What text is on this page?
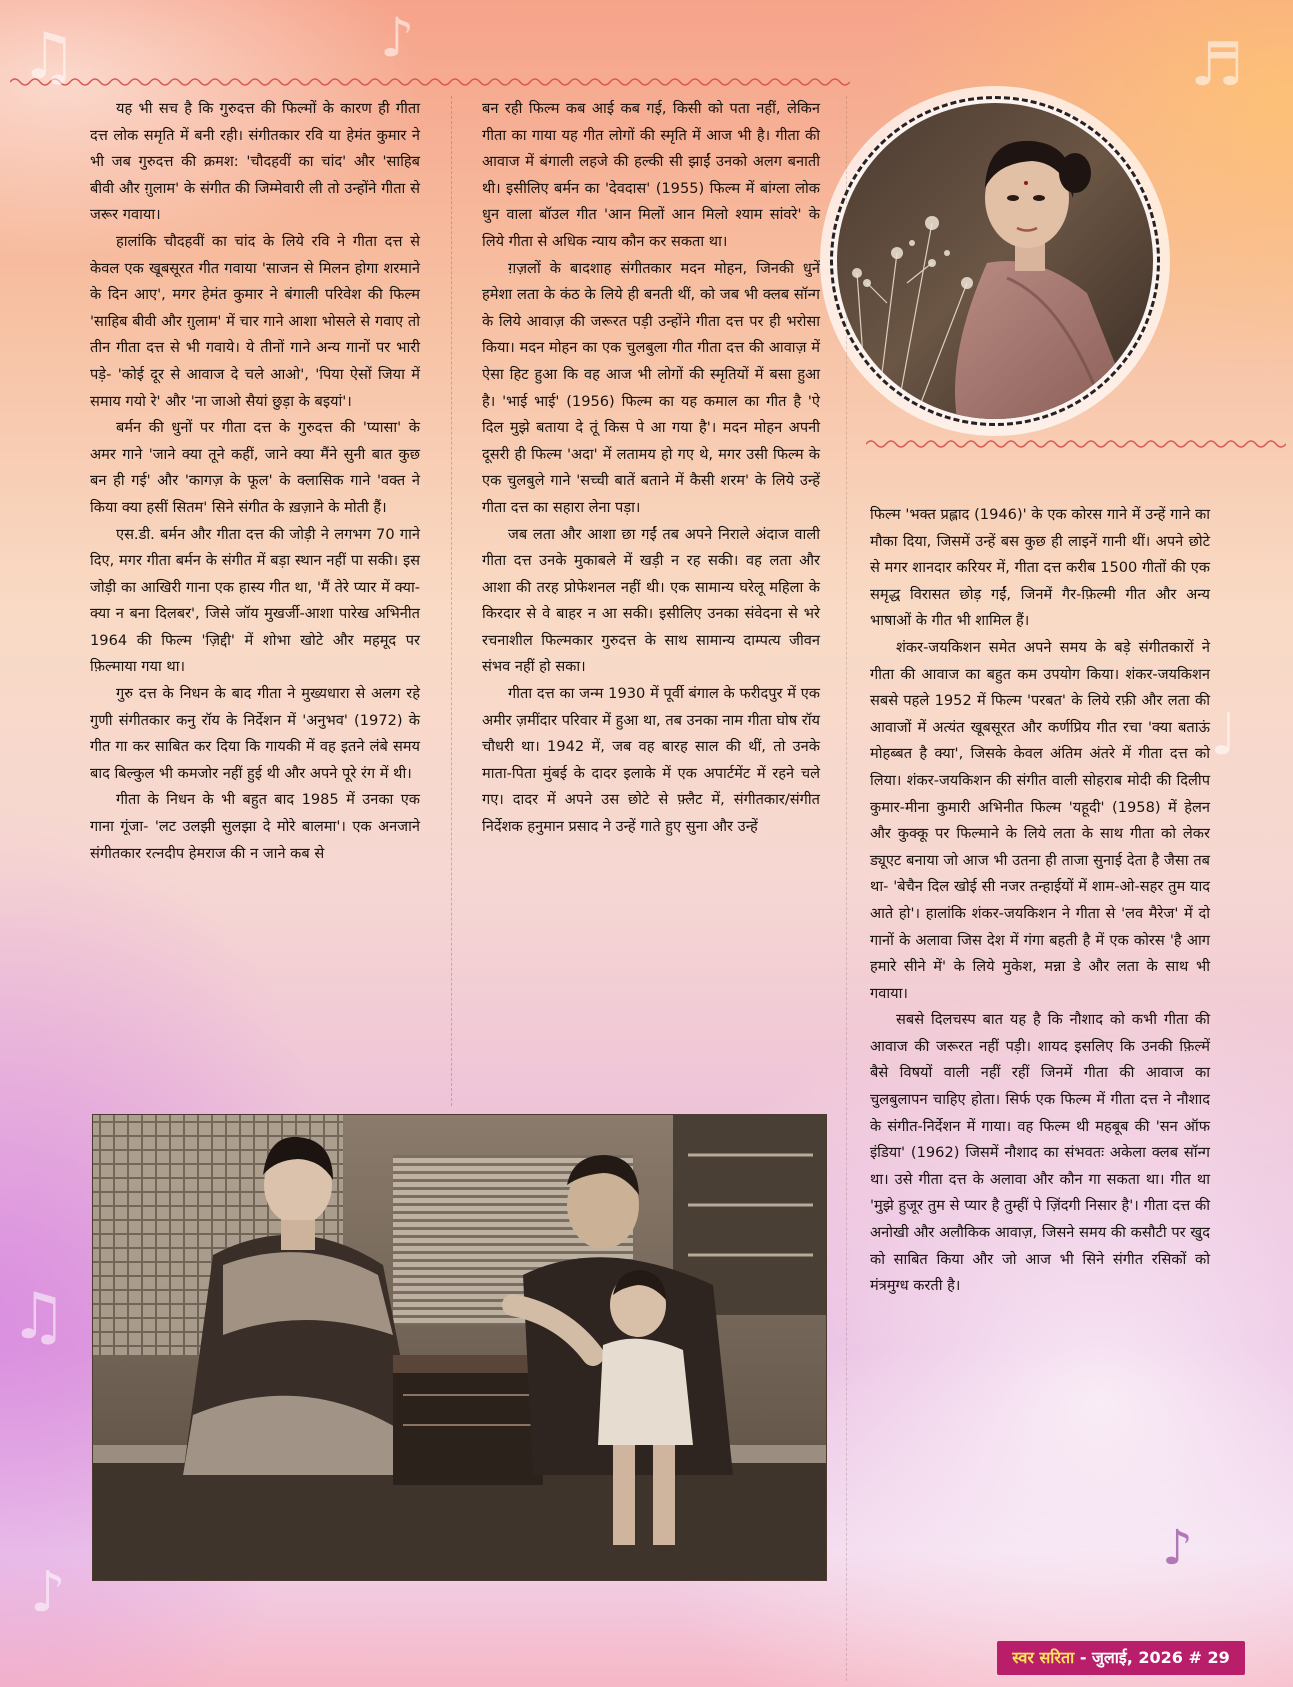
♫	♪	♬
♩
♫
♪
♪

यह भी सच है कि गुरुदत्त की फिल्मों के कारण ही गीता दत्त लोक समृति में बनी रही। संगीतकार रवि या हेमंत कुमार ने भी जब गुरुदत्त की क्रमश: 'चौदहवीं का चांद' और 'साहिब बीवी और ग़ुलाम' के संगीत की जिम्मेवारी ली तो उन्होंने गीता से जरूर गवाया।

हालांकि चौदहवीं का चांद के लिये रवि ने गीता दत्त से केवल एक खूबसूरत गीत गवाया 'साजन से मिलन होगा शरमाने के दिन आए', मगर हेमंत कुमार ने बंगाली परिवेश की फिल्म 'साहिब बीवी और ग़ुलाम' में चार गाने आशा भोसले से गवाए तो तीन गीता दत्त से भी गवाये। ये तीनों गाने अन्य गानों पर भारी पड़े- 'कोई दूर से आवाज दे चले आओ', 'पिया ऐसों जिया में समाय गयो रे' और 'ना जाओ सैयां छुड़ा के बइयां'।

बर्मन की धुनों पर गीता दत्त के गुरुदत्त की 'प्यासा' के अमर गाने 'जाने क्या तूने कहीं, जाने क्या मैंने सुनी बात कुछ बन ही गई' और 'कागज़ के फूल' के क्लासिक गाने 'वक्त ने किया क्या हसीं सितम' सिने संगीत के ख़ज़ाने के मोती हैं।

एस.डी. बर्मन और गीता दत्त की जोड़ी ने लगभग 70 गाने दिए, मगर गीता बर्मन के संगीत में बड़ा स्थान नहीं पा सकी। इस जोड़ी का आखिरी गाना एक हास्य गीत था, 'मैं तेरे प्यार में क्या-क्या न बना दिलबर', जिसे जॉय मुखर्जी-आशा पारेख अभिनीत 1964 की फिल्म 'ज़िद्दी' में शोभा खोटे और महमूद पर फ़िल्माया गया था।

गुरु दत्त के निधन के बाद गीता ने मुख्यधारा से अलग रहे गुणी संगीतकार कनु रॉय के निर्देशन में 'अनुभव' (1972) के गीत गा कर साबित कर दिया कि गायकी में वह इतने लंबे समय बाद बिल्कुल भी कमजोर नहीं हुई थी और अपने पूरे रंग में थी।

गीता के निधन के भी बहुत बाद 1985 में उनका एक गाना गूंजा- 'लट उलझी सुलझा दे मोरे बालमा'। एक अनजाने संगीतकार रत्नदीप हेमराज की न जाने कब से

बन रही फिल्म कब आई कब गई, किसी को पता नहीं, लेकिन गीता का गाया यह गीत लोगों की स्मृति में आज भी है। गीता की आवाज में बंगाली लहजे की हल्की सी झाईं उनको अलग बनाती थी। इसीलिए बर्मन का 'देवदास' (1955) फिल्म में बांग्ला लोक धुन वाला बॉउल गीत 'आन मिलों आन मिलो श्याम सांवरे' के लिये गीता से अधिक न्याय कौन कर सकता था।

ग़ज़लों के बादशाह संगीतकार मदन मोहन, जिनकी धुनें हमेशा लता के कंठ के लिये ही बनती थीं, को जब भी क्लब सॉन्ग के लिये आवाज़ की जरूरत पड़ी उन्होंने गीता दत्त पर ही भरोसा किया। मदन मोहन का एक चुलबुला गीत गीता दत्त की आवाज़ में ऐसा हिट हुआ कि वह आज भी लोगों की स्मृतियों में बसा हुआ है। 'भाई भाई' (1956) फिल्म का यह कमाल का गीत है 'ऐ दिल मुझे बताया दे तूं किस पे आ गया है'। मदन मोहन अपनी दूसरी ही फिल्म 'अदा' में लतामय हो गए थे, मगर उसी फिल्म के एक चुलबुले गाने 'सच्ची बातें बताने में कैसी शरम' के लिये उन्हें गीता दत्त का सहारा लेना पड़ा।

जब लता और आशा छा गईं तब अपने निराले अंदाज वाली गीता दत्त उनके मुकाबले में खड़ी न रह सकी। वह लता और आशा की तरह प्रोफेशनल नहीं थी। एक सामान्य घरेलू महिला के किरदार से वे बाहर न आ सकी। इसीलिए उनका संवेदना से भरे रचनाशील फिल्मकार गुरुदत्त के साथ सामान्य दाम्पत्य जीवन संभव नहीं हो सका।

गीता दत्त का जन्म 1930 में पूर्वी बंगाल के फरीदपुर में एक अमीर ज़मींदार परिवार में हुआ था, तब उनका नाम गीता घोष रॉय चौधरी था। 1942 में, जब वह बारह साल की थीं, तो उनके माता-पिता मुंबई के दादर इलाके में एक अपार्टमेंट में रहने चले गए। दादर में अपने उस छोटे से फ़्लैट में, संगीतकार/संगीत निर्देशक हनुमान प्रसाद ने उन्हें गाते हुए सुना और उन्हें

फिल्म 'भक्त प्रह्लाद (1946)' के एक कोरस गाने में उन्हें गाने का मौका दिया, जिसमें उन्हें बस कुछ ही लाइनें गानी थीं। अपने छोटे से मगर शानदार करियर में, गीता दत्त करीब 1500 गीतों की एक समृद्ध विरासत छोड़ गईं, जिनमें गैर-फ़िल्मी गीत और अन्य भाषाओं के गीत भी शामिल हैं।

शंकर-जयकिशन समेत अपने समय के बड़े संगीतकारों ने गीता की आवाज का बहुत कम उपयोग किया। शंकर-जयकिशन सबसे पहले 1952 में फिल्म 'परबत' के लिये रफ़ी और लता की आवाजों में अत्यंत खूबसूरत और कर्णप्रिय गीत रचा 'क्या बताऊं मोहब्बत है क्या', जिसके केवल अंतिम अंतरे में गीता दत्त को लिया। शंकर-जयकिशन की संगीत वाली सोहराब मोदी की दिलीप कुमार-मीना कुमारी अभिनीत फिल्म 'यहूदी' (1958) में हेलन और कुक्कू पर फिल्माने के लिये लता के साथ गीता को लेकर ड्यूएट बनाया जो आज भी उतना ही ताजा सुनाई देता है जैसा तब था- 'बेचैन दिल खोई सी नजर तन्हाईयों में शाम-ओ-सहर तुम याद आते हो'। हालांकि शंकर-जयकिशन ने गीता से 'लव मैरेज' में दो गानों के अलावा जिस देश में गंगा बहती है में एक कोरस 'है आग हमारे सीने में' के लिये मुकेश, मन्ना डे और लता के साथ भी गवाया।

सबसे दिलचस्प बात यह है कि नौशाद को कभी गीता की आवाज की जरूरत नहीं पड़ी। शायद इसलिए कि उनकी फ़िल्में बैसे विषयों वाली नहीं रहीं जिनमें गीता की आवाज का चुलबुलापन चाहिए होता। सिर्फ एक फिल्म में गीता दत्त ने नौशाद के संगीत-निर्देशन में गाया। वह फिल्म थी महबूब की 'सन ऑफ इंडिया' (1962) जिसमें नौशाद का संभवतः अकेला क्लब सॉन्ग था। उसे गीता दत्त के अलावा और कौन गा सकता था। गीत था 'मुझे हुजूर तुम से प्यार है तुम्हीं पे ज़िंदगी निसार है'। गीता दत्त की अनोखी और अलौकिक आवाज़, जिसने समय की कसौटी पर खुद को साबित किया और जो आज भी सिने संगीत रसिकों को मंत्रमुग्ध करती है।

स्वर सरिता - जुलाई, 2026 # 29
